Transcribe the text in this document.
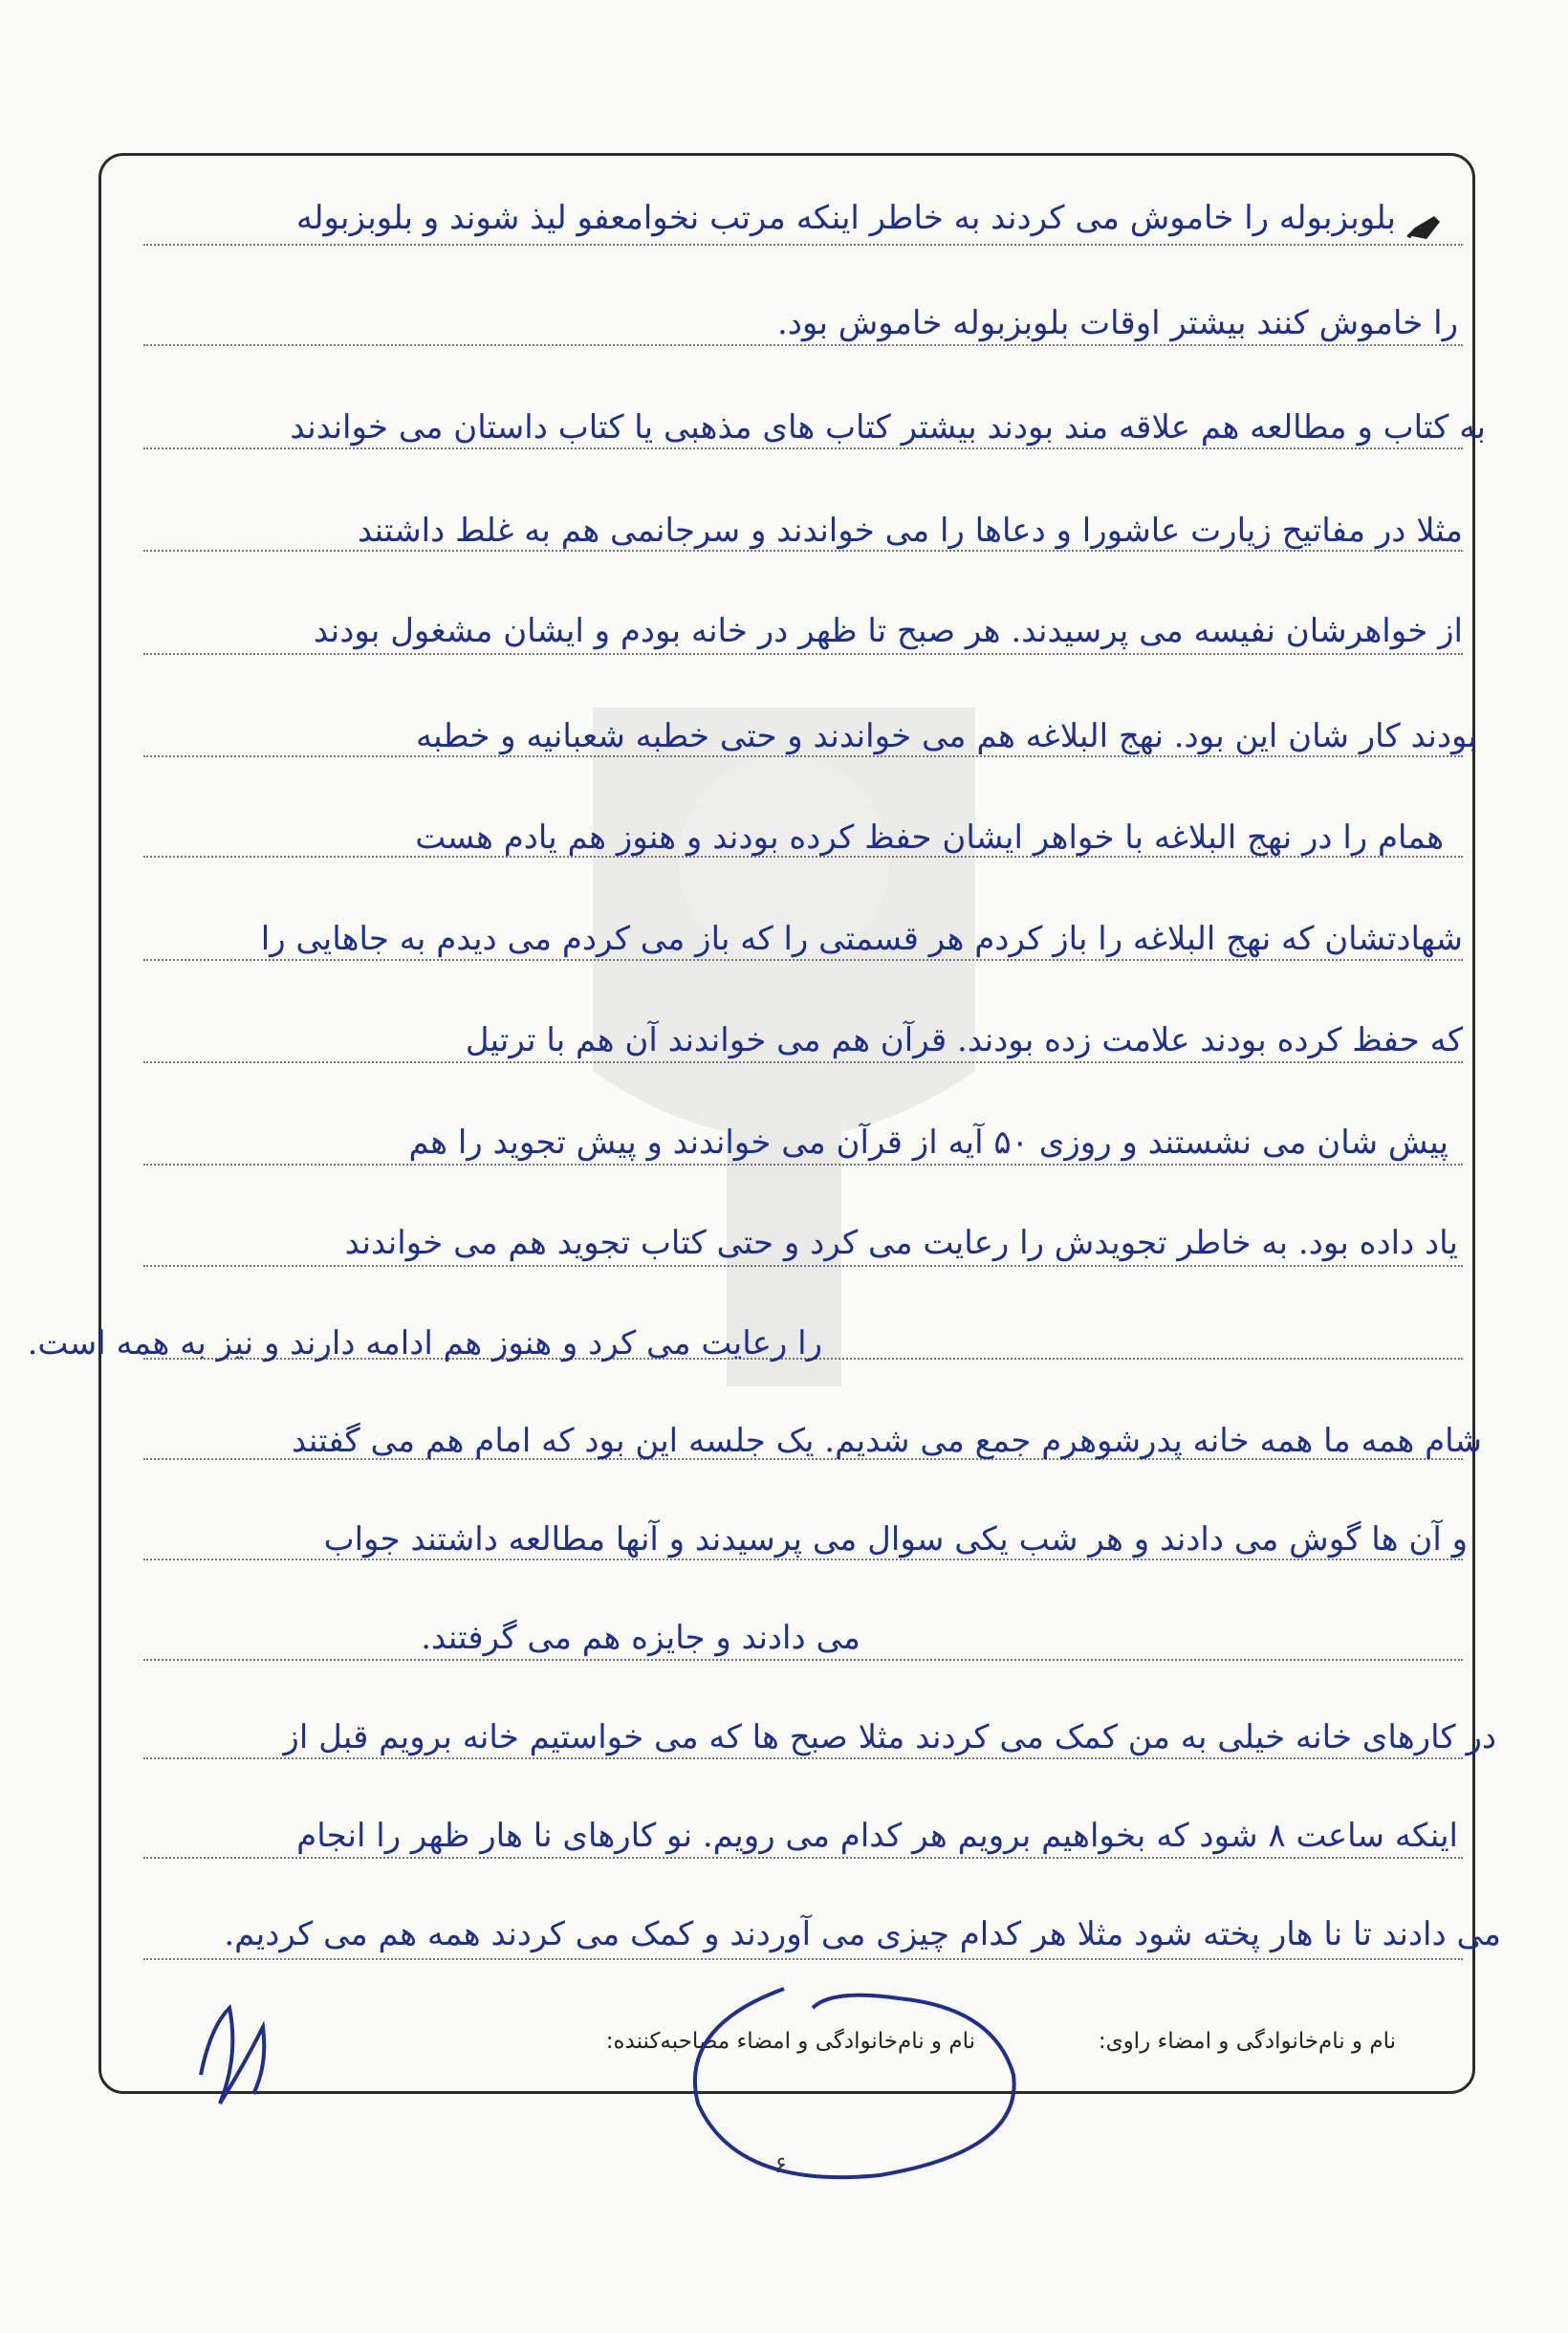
بلوبزبوله را خاموش می کردند به خاطر اینکه مرتب نخوامعفو لیذ شوند و بلوبزبوله
را خاموش کنند بیشتر اوقات بلوبزبوله خاموش بود.
به کتاب و مطالعه هم علاقه مند بودند بیشتر کتاب های مذهبی یا کتاب داستان می خواندند
مثلا در مفاتیح زیارت عاشورا و دعاها را می خواندند و سرجانمی هم به غلط داشتند
از خواهرشان نفیسه می پرسیدند. هر صبح تا ظهر در خانه بودم و ایشان مشغول بودند
بودند کار شان این بود. نهج البلاغه هم می خواندند و حتی خطبه شعبانیه و خطبه
همام را در نهج البلاغه با خواهر ایشان حفظ کرده بودند و هنوز هم یادم هست
شهادتشان که نهج البلاغه را باز کردم هر قسمتی را که باز می کردم می دیدم به جاهایی را
که حفظ کرده بودند علامت زده بودند. قرآن هم می خواندند آن هم با ترتیل
پیش شان می نشستند و روزی ۵۰ آیه از قرآن می خواندند و پیش تجوید را هم
یاد داده بود. به خاطر تجویدش را رعایت می کرد و حتی کتاب تجوید هم می خواندند
را رعایت می کرد و هنوز هم ادامه دارند و نیز به همه است.
شام همه ما همه خانه پدرشوهرم جمع می شدیم. یک جلسه این بود که امام هم می گفتند
و آن ها گوش می دادند و هر شب یکی سوال می پرسیدند و آنها مطالعه داشتند جواب
می دادند و جایزه هم می گرفتند.
در کارهای خانه خیلی به من کمک می کردند مثلا صبح ها که می خواستیم خانه برویم قبل از
اینکه ساعت ۸ شود که بخواهیم برویم هر کدام می رویم. نو کارهای نا هار ظهر را انجام
می دادند تا نا هار پخته شود مثلا هر کدام چیزی می آوردند و کمک می کردند همه هم می کردیم.
نام و نام‌خانوادگی و امضاء راوی:
نام و نام‌خانوادگی و امضاء مصاحبه‌کننده:
۶
